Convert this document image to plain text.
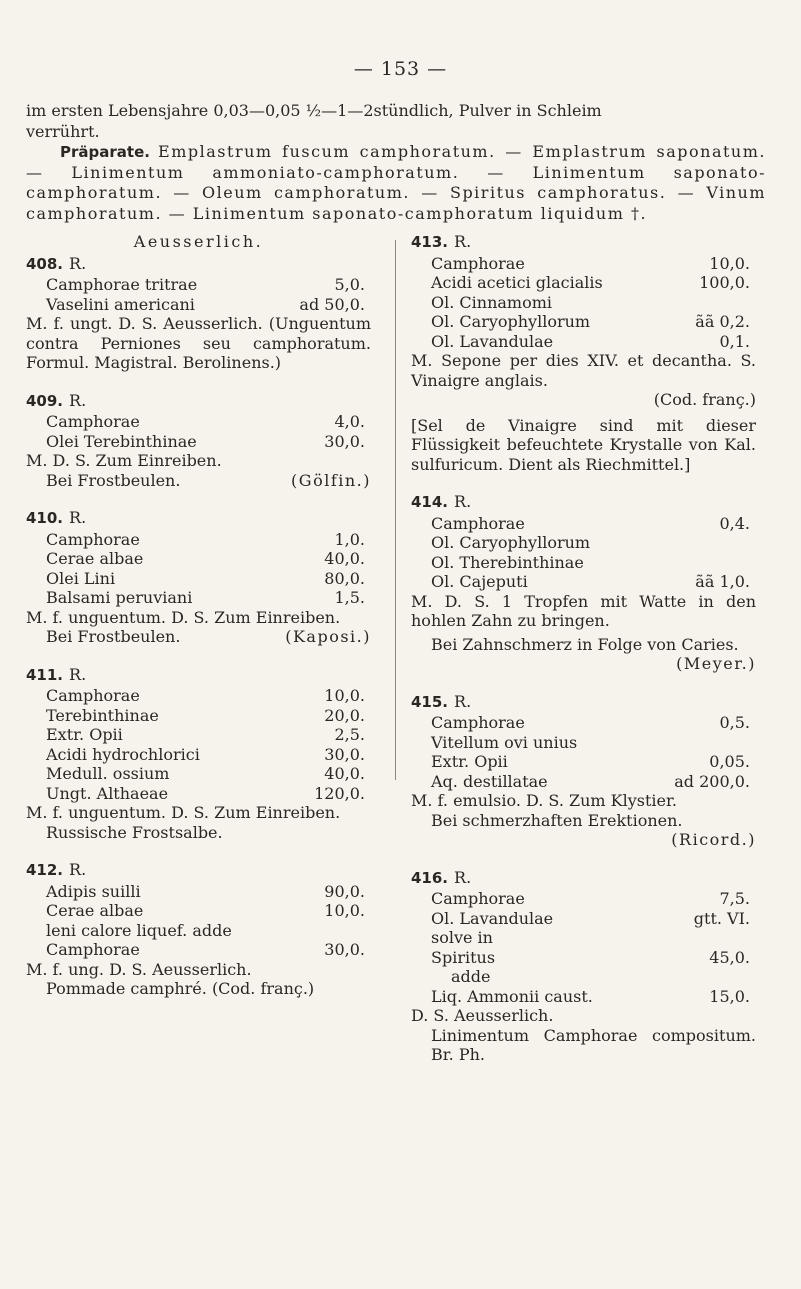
— 153 —

im ersten Lebensjahre 0,03—0,05 ½—1—2stündlich, Pulver in Schleim

verrührt.

Präparate. Emplastrum fuscum camphoratum. — Emplastrum saponatum. — Linimentum ammoniato-camphoratum. — Linimentum saponato-camphoratum. — Oleum camphoratum. — Spiritus camphoratus. — Vinum camphoratum. — Linimentum saponato-camphoratum liquidum †.

Aeusserlich.
408. R.
Camphorae tritrae	5,0.
Vaselini americani	ad 50,0.

M. f. ungt. D. S. Aeusserlich. (Unguentum contra Perniones seu camphoratum. Formul. Magistral. Berolinens.)

409. R.
Camphorae	4,0.
Olei Terebinthinae	30,0.

M. D. S. Zum Einreiben.

Bei Frostbeulen.	(Gölfin.)
410. R.
Camphorae	1,0.
Cerae albae	40,0.
Olei Lini	80,0.
Balsami peruviani	1,5.

M. f. unguentum. D. S. Zum Einreiben.

Bei Frostbeulen.	(Kaposi.)
411. R.
Camphorae	10,0.
Terebinthinae	20,0.
Extr. Opii	2,5.
Acidi hydrochlorici	30,0.
Medull. ossium	40,0.
Ungt. Althaeae	120,0.

M. f. unguentum. D. S. Zum Einreiben.

Russische Frostsalbe.
412. R.
Adipis suilli	90,0.
Cerae albae	10,0.
leni calore liquef. adde
Camphorae	30,0.

M. f. ung. D. S. Aeusserlich.

Pommade camphré. (Cod. franç.)
413. R.
Camphorae	10,0.
Acidi acetici glacialis	100,0.
Ol. Cinnamomi
Ol. Caryophyllorum	ãã 0,2.
Ol. Lavandulae	0,1.

M. Sepone per dies XIV. et decantha. S. Vinaigre anglais.

(Cod. franç.)

[Sel de Vinaigre sind mit dieser Flüssigkeit befeuchtete Krystalle von Kal. sulfuricum. Dient als Riechmittel.]

414. R.
Camphorae	0,4.
Ol. Caryophyllorum
Ol. Therebinthinae
Ol. Cajeputi	ãã 1,0.

M. D. S. 1 Tropfen mit Watte in den hohlen Zahn zu bringen.

Bei Zahnschmerz in Folge von Caries.

(Meyer.)
415. R.
Camphorae	0,5.
Vitellum ovi unius
Extr. Opii	0,05.
Aq. destillatae	ad 200,0.

M. f. emulsio. D. S. Zum Klystier.

Bei schmerzhaften Erektionen.
(Ricord.)
416. R.
Camphorae	7,5.
Ol. Lavandulae	gtt. VI.
solve in
Spiritus	45,0.
adde
Liq. Ammonii caust.	15,0.

D. S. Aeusserlich.

Linimentum Camphorae compositum. Br. Ph.
